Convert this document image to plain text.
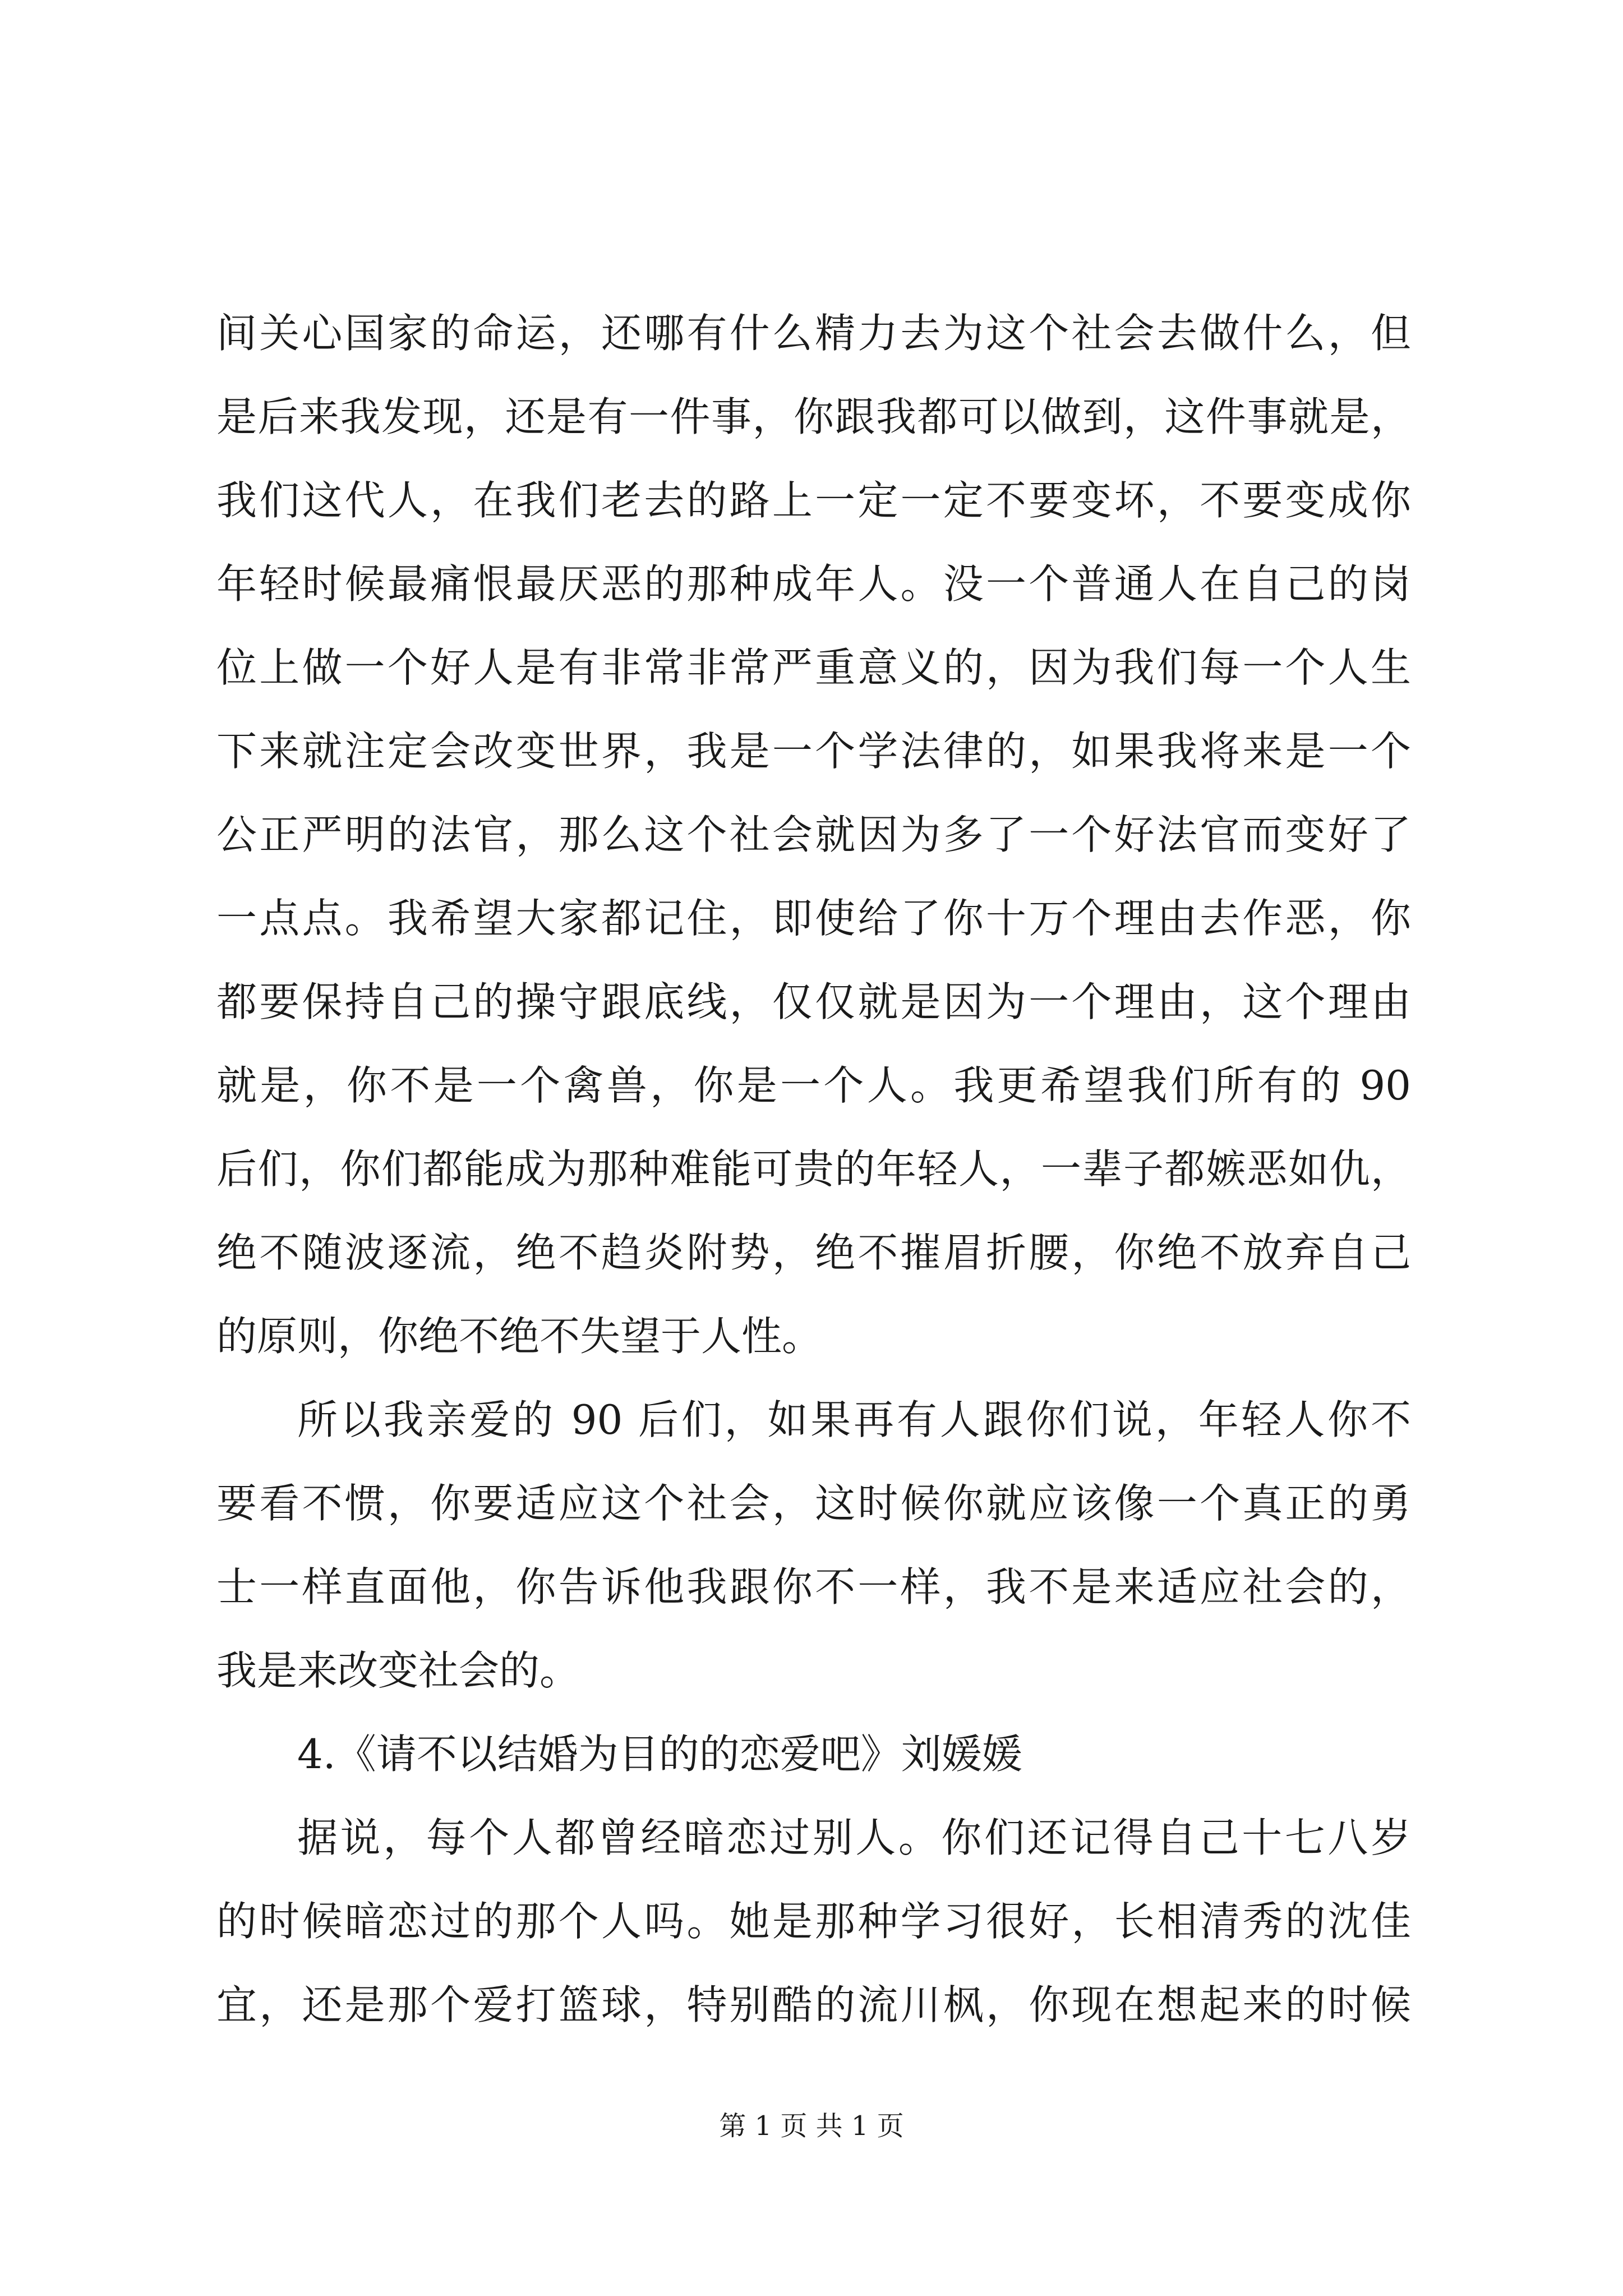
间关心国家的命运，还哪有什么精力去为这个社会去做什么，但
是后来我发现，还是有一件事，你跟我都可以做到，这件事就是，
我们这代人，在我们老去的路上一定一定不要变坏，不要变成你
年轻时候最痛恨最厌恶的那种成年人。没一个普通人在自己的岗
位上做一个好人是有非常非常严重意义的，因为我们每一个人生
下来就注定会改变世界，我是一个学法律的，如果我将来是一个
公正严明的法官，那么这个社会就因为多了一个好法官而变好了
一点点。我希望大家都记住，即使给了你十万个理由去作恶，你
都要保持自己的操守跟底线，仅仅就是因为一个理由，这个理由
就是，你不是一个禽兽，你是一个人。我更希望我们所有的 90
后们，你们都能成为那种难能可贵的年轻人，一辈子都嫉恶如仇，
绝不随波逐流，绝不趋炎附势，绝不摧眉折腰，你绝不放弃自己
的原则，你绝不绝不失望于人性。
所以我亲爱的 90 后们，如果再有人跟你们说，年轻人你不
要看不惯，你要适应这个社会，这时候你就应该像一个真正的勇
士一样直面他，你告诉他我跟你不一样，我不是来适应社会的，
我是来改变社会的。
4.《请不以结婚为目的的恋爱吧》刘媛媛
据说，每个人都曾经暗恋过别人。你们还记得自己十七八岁
的时候暗恋过的那个人吗。她是那种学习很好，长相清秀的沈佳
宜，还是那个爱打篮球，特别酷的流川枫，你现在想起来的时候
第 1 页 共 1 页
